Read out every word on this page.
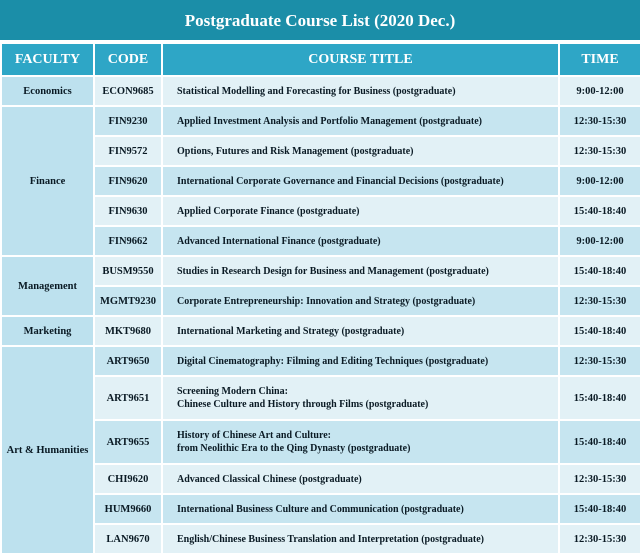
Postgraduate Course List (2020 Dec.)
FACULTY	CODE	COURSE TITLE	TIME
Economics	ECON9685	Statistical Modelling and Forecasting for Business (postgraduate)	9:00-12:00
Finance	FIN9230	Applied Investment Analysis and Portfolio Management (postgraduate)	12:30-15:30
	FIN9572	Options, Futures and Risk Management (postgraduate)	12:30-15:30
	FIN9620	International Corporate Governance and Financial Decisions (postgraduate)	9:00-12:00
	FIN9630	Applied Corporate Finance (postgraduate)	15:40-18:40
	FIN9662	Advanced International Finance (postgraduate)	9:00-12:00
Management	BUSM9550	Studies in Research Design for Business and Management (postgraduate)	15:40-18:40
	MGMT9230	Corporate Entrepreneurship: Innovation and Strategy (postgraduate)	12:30-15:30
Marketing	MKT9680	International Marketing and Strategy (postgraduate)	15:40-18:40
Art & Humanities	ART9650	Digital Cinematography: Filming and Editing Techniques (postgraduate)	12:30-15:30
	ART9651	Screening Modern China:
Chinese Culture and History through Films (postgraduate)	15:40-18:40
	ART9655	History of Chinese Art and Culture:
from Neolithic Era to the Qing Dynasty (postgraduate)	15:40-18:40
	CHI9620	Advanced Classical Chinese (postgraduate)	12:30-15:30
	HUM9660	International Business Culture and Communication (postgraduate)	15:40-18:40
	LAN9670	English/Chinese Business Translation and Interpretation (postgraduate)	12:30-15:30
